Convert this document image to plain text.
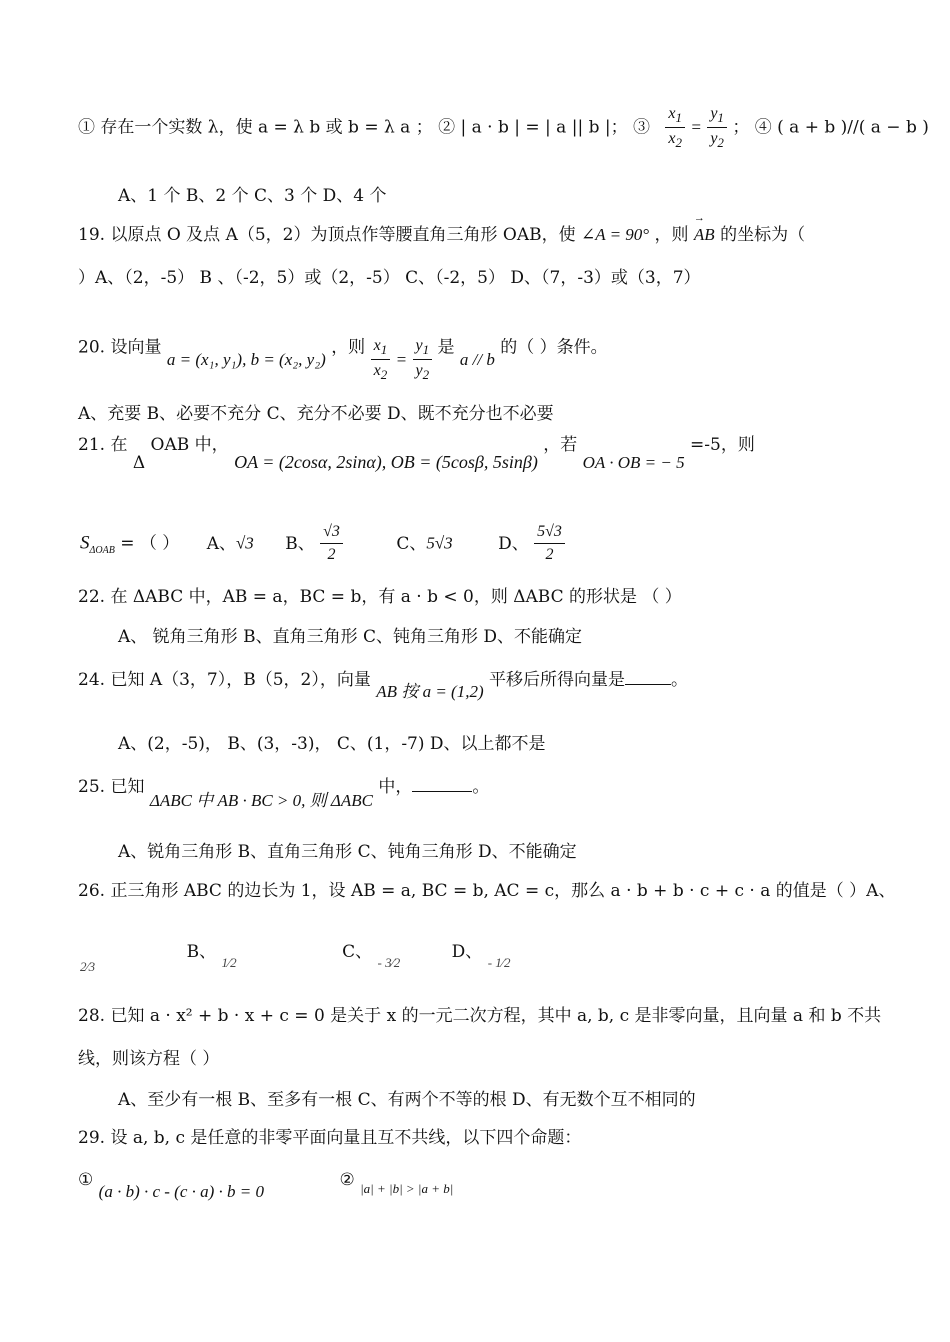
① 存在一个实数 λ，使 a = λ b 或 b = λ a ； ② | a · b | = | a || b |； ③ $\frac{x_1}{x_2} = \frac{y_1}{y_2}$ ； ④ ( a + b )//( a − b )
A、1 个 B、2 个 C、3 个 D、4 个
19. 以原点 O 及点 A（5，2）为顶点作等腰直角三角形 OAB，使 ∠A = 90° ，则 → AB 的坐标为（
）A、（2，-5） B 、（-2，5）或（2，-5） C、（-2，5） D、（7，-3）或（3，7）
20. 设向量 a = (x₁, y₁), b = (x₂, y₂) ，则 $\frac{x_1}{x_2} = \frac{y_1}{y_2}$ 是 a // b 的（ ）条件。
A、充要 B、必要不充分 C、充分不必要 D、既不充分也不必要
21. 在 Δ OAB 中， OA = (2cosα, 2sinα), OB = (5cosβ, 5sinβ) ，若 OA · OB = − 5 =-5，则
$S_{\Delta OAB}$ = （ ） A、√3 B、 $\frac{√3}{2}$	C、5√3	D、 $\frac{5√3}{2}$
22. 在 ΔABC 中，AB = a，BC = b，有 a · b < 0，则 ΔABC 的形状是 （ ）
A、 锐角三角形 B、直角三角形 C、钝角三角形 D、不能确定
24. 已知 A（3，7），B（5，2），向量 AB 按 a = (1,2) 平移后所得向量是	。
A、(2，-5)， B、(3，-3)， C、(1，-7) D、以上都不是
25. 已知 ΔABC 中 AB · BC > 0, 则 ΔABC 中，	。
A、锐角三角形 B、直角三角形 C、钝角三角形 D、不能确定
26. 正三角形 ABC 的边长为 1，设 AB = a, BC = b, AC = c，那么 a · b + b · c + c · a 的值是（ ）A、
$_{2⁄3}$ B、 $_{1⁄2}$ C、 $_{- 3⁄2}$ D、 $_{- 1⁄2}$
28. 已知 a · x² + b · x + c = 0 是关于 x 的一元二次方程，其中 a, b, c 是非零向量，且向量 a 和 b 不共
线，则该方程（ ）
A、至少有一根 B、至多有一根 C、有两个不等的根 D、有无数个互不相同的
29. 设 a, b, c 是任意的非零平面向量且互不共线，以下四个命题：
① (a · b) · c - (c · a) · b = 0 ② $_{|a| + |b| > |a + b|}$
